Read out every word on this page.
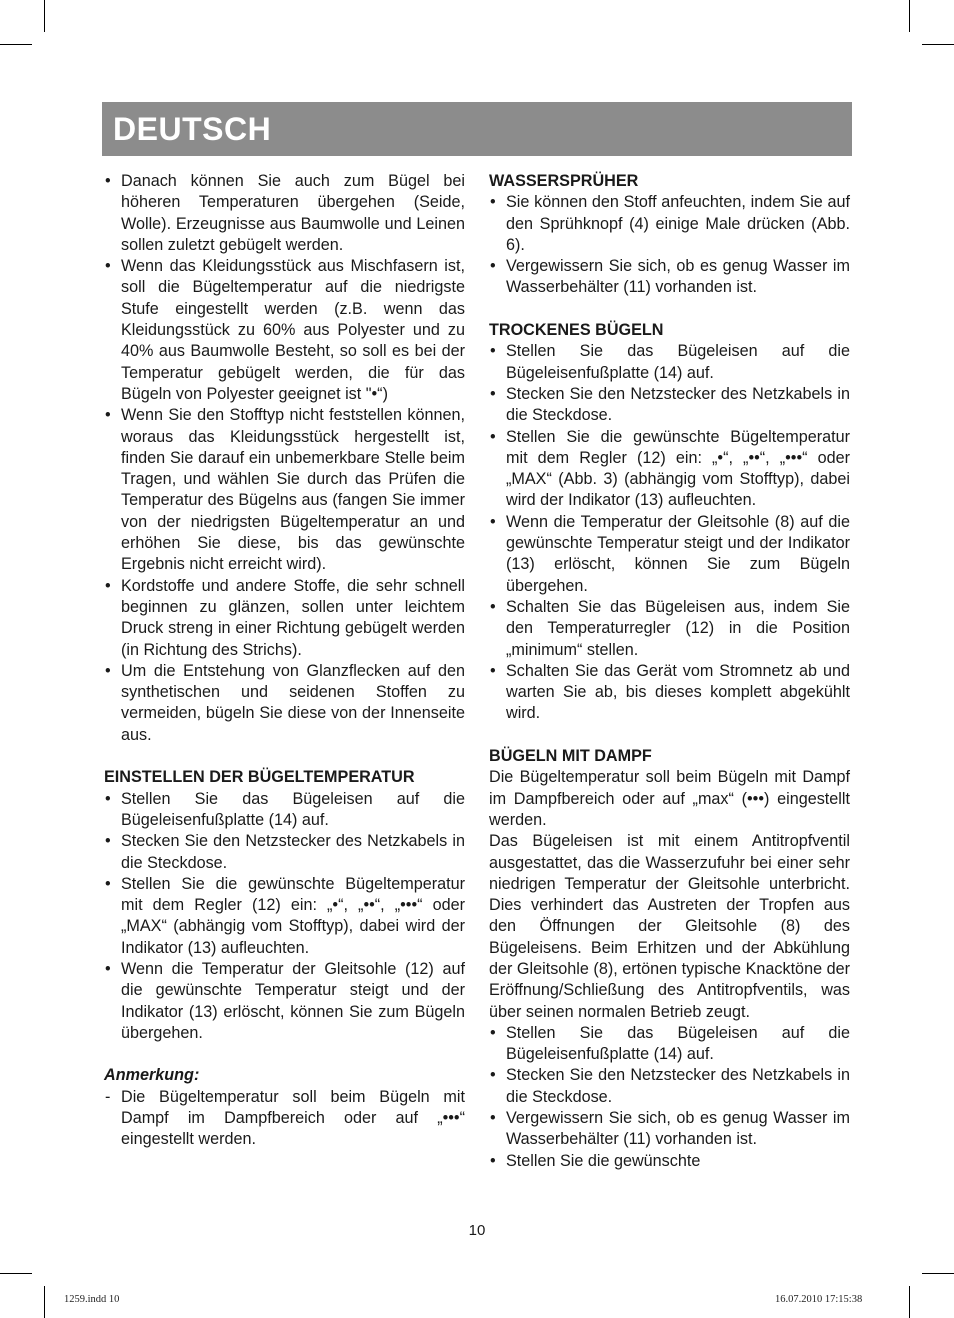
DEUTSCH
• Danach können Sie auch zum Bügel bei höheren Temperaturen übergehen (Seide, Wolle). Erzeugnisse aus Baumwolle und Leinen sollen zuletzt gebügelt werden.
• Wenn das Kleidungsstück aus Mischfasern ist, soll die Bügeltemperatur auf die niedrigste Stufe eingestellt werden (z.B. wenn das Kleidungsstück zu 60% aus Polyester und zu 40% aus Baumwolle Besteht, so soll es bei der Temperatur gebügelt werden, die für das Bügeln von Polyester geeignet ist "•“)
• Wenn Sie den Stofftyp nicht feststellen können, woraus das Kleidungsstück hergestellt ist, finden Sie darauf ein unbemerkbare Stelle beim Tragen, und wählen Sie durch das Prüfen die Temperatur des Bügelns aus (fangen Sie immer von der niedrigsten Bügeltemperatur an und erhöhen Sie diese, bis das gewünschte Ergebnis nicht erreicht wird).
• Kordstoffe und andere Stoffe, die sehr schnell beginnen zu glänzen, sollen unter leichtem Druck streng in einer Richtung gebügelt werden (in Richtung des Strichs).
• Um die Entstehung von Glanzflecken auf den synthetischen und seidenen Stoffen zu vermeiden, bügeln Sie diese von der Innenseite aus.

EINSTELLEN DER BÜGELTEMPERATUR

• Stellen Sie das Bügeleisen auf die Bügeleisenfußplatte (14) auf.
• Stecken Sie den Netzstecker des Netzkabels in die Steckdose.
• Stellen Sie die gewünschte Bügeltemperatur mit dem Regler (12) ein: „•“, „••“, „•••“ oder „MAX“ (abhängig vom Stofftyp), dabei wird der Indikator (13) aufleuchten.
• Wenn die Temperatur der Gleitsohle (12) auf die gewünschte Temperatur steigt und der Indikator (13) erlöscht, können Sie zum Bügeln übergehen.

Anmerkung:

- Die Bügeltemperatur soll beim Bügeln mit Dampf im Dampfbereich oder auf „•••“ eingestellt werden.

WASSERSPRÜHER

• Sie können den Stoff anfeuchten, indem Sie auf den Sprühknopf (4) einige Male drücken (Abb. 6).
• Vergewissern Sie sich, ob es genug Wasser im Wasserbehälter (11) vorhanden ist.

TROCKENES BÜGELN

• Stellen Sie das Bügeleisen auf die Bügeleisenfußplatte (14) auf.
• Stecken Sie den Netzstecker des Netzkabels in die Steckdose.
• Stellen Sie die gewünschte Bügeltemperatur mit dem Regler (12) ein: „•“, „••“, „•••“ oder „MAX“ (Abb. 3) (abhängig vom Stofftyp), dabei wird der Indikator (13) aufleuchten.
• Wenn die Temperatur der Gleitsohle (8) auf die gewünschte Temperatur steigt und der Indikator (13) erlöscht, können Sie zum Bügeln übergehen.
• Schalten Sie das Bügeleisen aus, indem Sie den Temperaturregler (12) in die Position „minimum“ stellen.
• Schalten Sie das Gerät vom Stromnetz ab und warten Sie ab, bis dieses komplett abgekühlt wird.

BÜGELN MIT DAMPF

Die Bügeltemperatur soll beim Bügeln mit Dampf im Dampfbereich oder auf „max“ (•••) eingestellt werden.

Das Bügeleisen ist mit einem Antitropfventil ausgestattet, das die Wasserzufuhr bei einer sehr niedrigen Temperatur der Gleitsohle unterbricht. Dies verhindert das Austreten der Tropfen aus den Öffnungen der Gleitsohle (8) des Bügeleisens. Beim Erhitzen und der Abkühlung der Gleitsohle (8), ertönen typische Knacktöne der Eröffnung/Schließung des Antitropfventils, was über seinen normalen Betrieb zeugt.

• Stellen Sie das Bügeleisen auf die Bügeleisenfußplatte (14) auf.
• Stecken Sie den Netzstecker des Netzkabels in die Steckdose.
• Vergewissern Sie sich, ob es genug Wasser im Wasserbehälter (11) vorhanden ist.
• Stellen Sie die gewünschte
10
1259.indd 10	16.07.2010 17:15:38
